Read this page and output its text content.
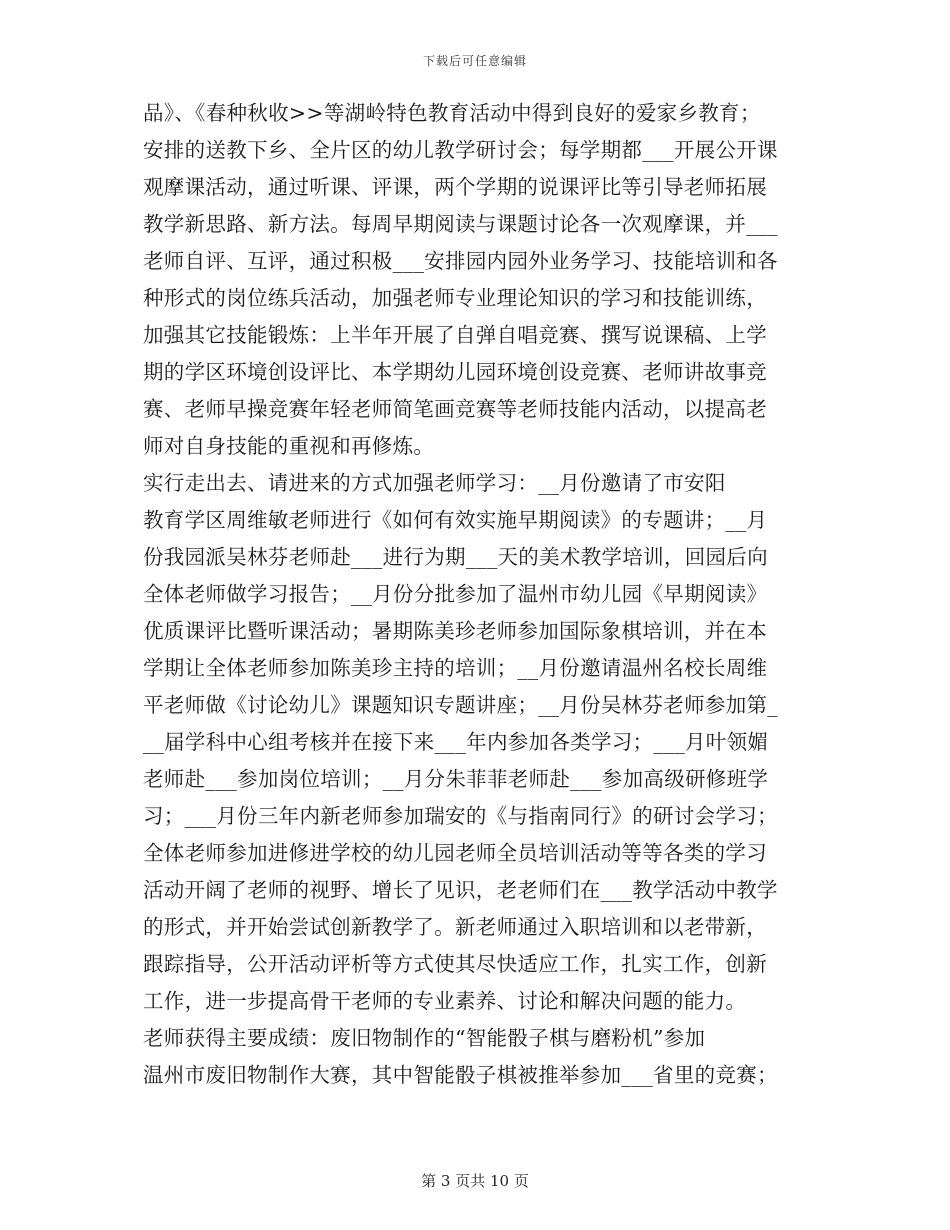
下载后可任意编辑
品》、《春种秋收>>等湖岭特色教育活动中得到良好的爱家乡教育；
安排的送教下乡、全片区的幼儿教学研讨会；每学期都___开展公开课
观摩课活动，通过听课、评课，两个学期的说课评比等引导老师拓展
教学新思路、新方法。每周早期阅读与课题讨论各一次观摩课，并___
老师自评、互评，通过积极___安排园内园外业务学习、技能培训和各
种形式的岗位练兵活动，加强老师专业理论知识的学习和技能训练，
加强其它技能锻炼：上半年开展了自弹自唱竞赛、撰写说课稿、上学
期的学区环境创设评比、本学期幼儿园环境创设竞赛、老师讲故事竞
赛、老师早操竞赛年轻老师简笔画竞赛等老师技能内活动，以提高老
师对自身技能的重视和再修炼。
实行走出去、请进来的方式加强老师学习：__月份邀请了市安阳
教育学区周维敏老师进行《如何有效实施早期阅读》的专题讲；__月
份我园派吴林芬老师赴___进行为期___天的美术教学培训，回园后向
全体老师做学习报告；__月份分批参加了温州市幼儿园《早期阅读》
优质课评比暨听课活动；暑期陈美珍老师参加国际象棋培训，并在本
学期让全体老师参加陈美珍主持的培训；__月份邀请温州名校长周维
平老师做《讨论幼儿》课题知识专题讲座；__月份吴林芬老师参加第_
__届学科中心组考核并在接下来___年内参加各类学习；___月叶领媚
老师赴___参加岗位培训；__月分朱菲菲老师赴___参加高级研修班学
习；___月份三年内新老师参加瑞安的《与指南同行》的研讨会学习；
全体老师参加进修进学校的幼儿园老师全员培训活动等等各类的学习
活动开阔了老师的视野、增长了见识，老老师们在___教学活动中教学
的形式，并开始尝试创新教学了。新老师通过入职培训和以老带新，
跟踪指导，公开活动评析等方式使其尽快适应工作，扎实工作，创新
工作，进一步提高骨干老师的专业素养、讨论和解决问题的能力。
老师获得主要成绩：废旧物制作的“智能骰子棋与磨粉机”参加
温州市废旧物制作大赛，其中智能骰子棋被推举参加___省里的竞赛；
第 3 页共 10 页
